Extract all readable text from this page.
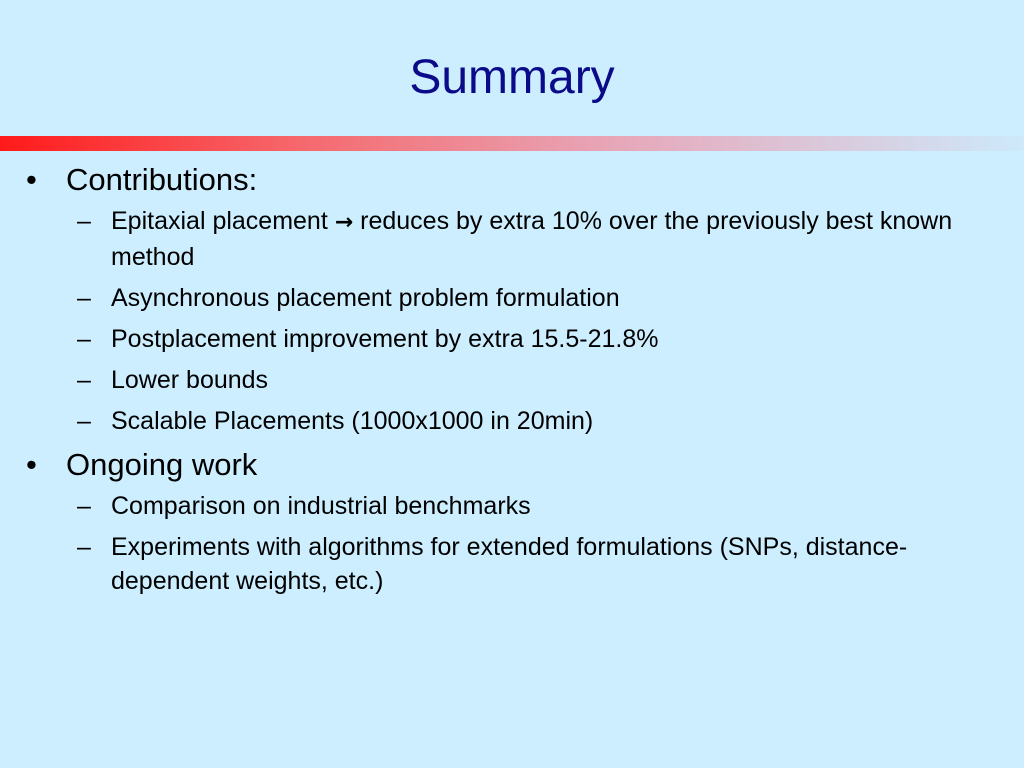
Summary
• Contributions:
– Epitaxial placement → reduces by extra 10% over the previously best known method
– Asynchronous placement problem formulation
– Postplacement improvement by extra 15.5-21.8%
– Lower bounds
– Scalable Placements (1000x1000 in 20min)
• Ongoing work
– Comparison on industrial benchmarks
– Experiments with algorithms for extended formulations (SNPs, distance-dependent weights, etc.)
